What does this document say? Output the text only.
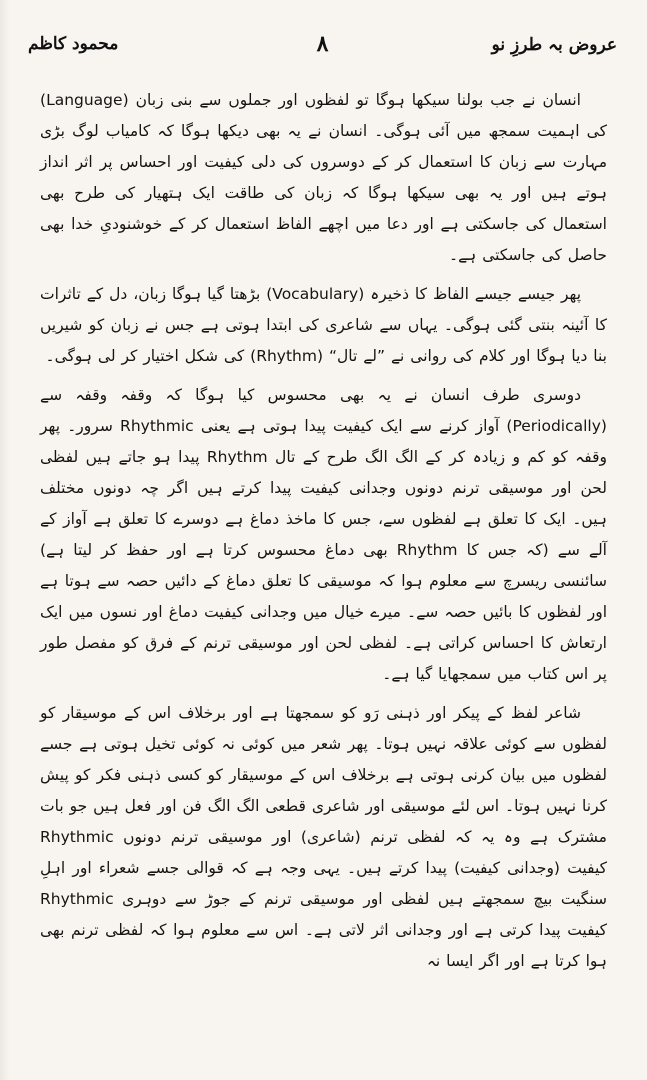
عروض بہ طرزِ نو
۸
محمود کاظم

انسان نے جب بولنا سیکھا ہوگا تو لفظوں اور جملوں سے بنی زبان (Language) کی اہمیت سمجھ میں آئی ہوگی۔ انسان نے یہ بھی دیکھا ہوگا کہ کامیاب لوگ بڑی مہارت سے زبان کا استعمال کر کے دوسروں کی دلی کیفیت اور احساس پر اثر انداز ہوتے ہیں اور یہ بھی سیکھا ہوگا کہ زبان کی طاقت ایک ہتھیار کی طرح بھی استعمال کی جاسکتی ہے اور دعا میں اچھے الفاظ استعمال کر کے خوشنودیِ خدا بھی حاصل کی جاسکتی ہے۔

پھر جیسے جیسے الفاظ کا ذخیرہ (Vocabulary) بڑھتا گیا ہوگا زبان، دل کے تاثرات کا آئینہ بنتی گئی ہوگی۔ یہاں سے شاعری کی ابتدا ہوتی ہے جس نے زبان کو شیریں بنا دیا ہوگا اور کلام کی روانی نے ”لے تال“ (Rhythm) کی شکل اختیار کر لی ہوگی۔

دوسری طرف انسان نے یہ بھی محسوس کیا ہوگا کہ وقفہ وقفہ سے (Periodically) آواز کرنے سے ایک کیفیت پیدا ہوتی ہے یعنی Rhythmic سرور۔ پھر وقفہ کو کم و زیادہ کر کے الگ الگ طرح کے تال Rhythm پیدا ہو جاتے ہیں لفظی لحن اور موسیقی ترنم دونوں وجدانی کیفیت پیدا کرتے ہیں اگر چہ دونوں مختلف ہیں۔ ایک کا تعلق ہے لفظوں سے، جس کا ماخذ دماغ ہے دوسرے کا تعلق ہے آواز کے آلے سے (کہ جس کا Rhythm بھی دماغ محسوس کرتا ہے اور حفظ کر لیتا ہے) سائنسی ریسرچ سے معلوم ہوا کہ موسیقی کا تعلق دماغ کے دائیں حصہ سے ہوتا ہے اور لفظوں کا بائیں حصہ سے۔ میرے خیال میں وجدانی کیفیت دماغ اور نسوں میں ایک ارتعاش کا احساس کراتی ہے۔ لفظی لحن اور موسیقی ترنم کے فرق کو مفصل طور پر اس کتاب میں سمجھایا گیا ہے۔

شاعر لفظ کے پیکر اور ذہنی رَو کو سمجھتا ہے اور برخلاف اس کے موسیقار کو لفظوں سے کوئی علاقہ نہیں ہوتا۔ پھر شعر میں کوئی نہ کوئی تخیل ہوتی ہے جسے لفظوں میں بیان کرنی ہوتی ہے برخلاف اس کے موسیقار کو کسی ذہنی فکر کو پیش کرنا نہیں ہوتا۔ اس لئے موسیقی اور شاعری قطعی الگ الگ فن اور فعل ہیں جو بات مشترک ہے وہ یہ کہ لفظی ترنم (شاعری) اور موسیقی ترنم دونوں Rhythmic کیفیت (وجدانی کیفیت) پیدا کرتے ہیں۔ یہی وجہ ہے کہ قوالی جسے شعراء اور اہلِ سنگیت بیچ سمجھتے ہیں لفظی اور موسیقی ترنم کے جوڑ سے دوہری Rhythmic کیفیت پیدا کرتی ہے اور وجدانی اثر لاتی ہے۔ اس سے معلوم ہوا کہ لفظی ترنم بھی ہوا کرتا ہے اور اگر ایسا نہ
